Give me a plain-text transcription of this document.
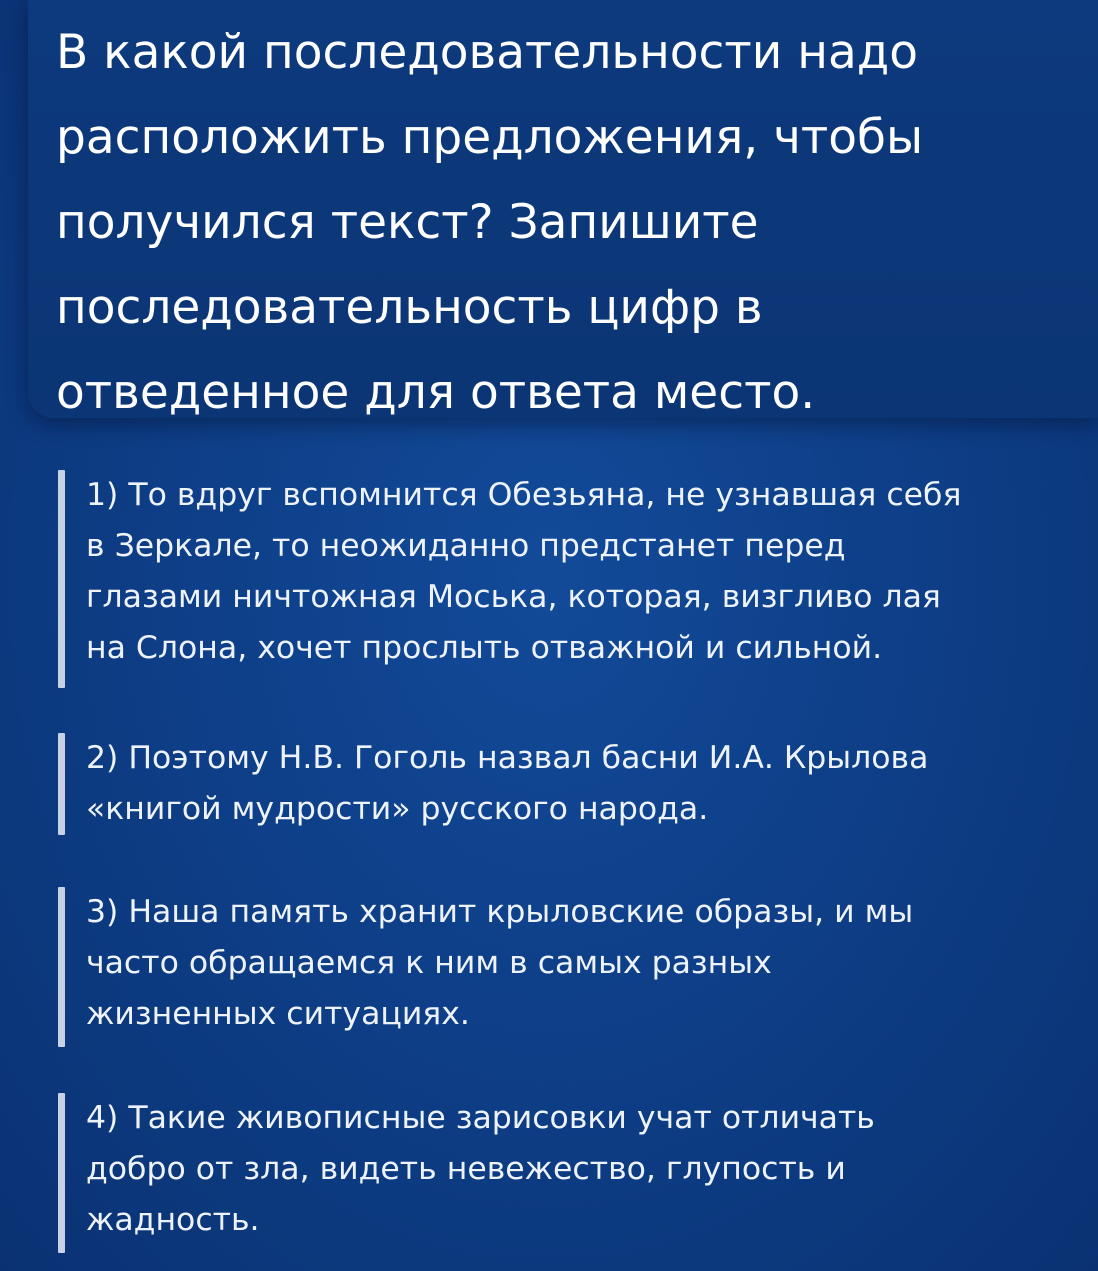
В какой последовательности надо
расположить предложения, чтобы
получился текст? Запишите
последовательность цифр в
отведенное для ответа место.

1) То вдруг вспомнится Обезьяна, не узнавшая себя
в Зеркале, то неожиданно предстанет перед
глазами ничтожная Моська, которая, визгливо лая
на Слона, хочет прослыть отважной и сильной.

2) Поэтому Н.В. Гоголь назвал басни И.А. Крылова
«книгой мудрости» русского народа.

3) Наша память хранит крыловские образы, и мы
часто обращаемся к ним в самых разных
жизненных ситуациях.

4) Такие живописные зарисовки учат отличать
добро от зла, видеть невежество, глупость и
жадность.
